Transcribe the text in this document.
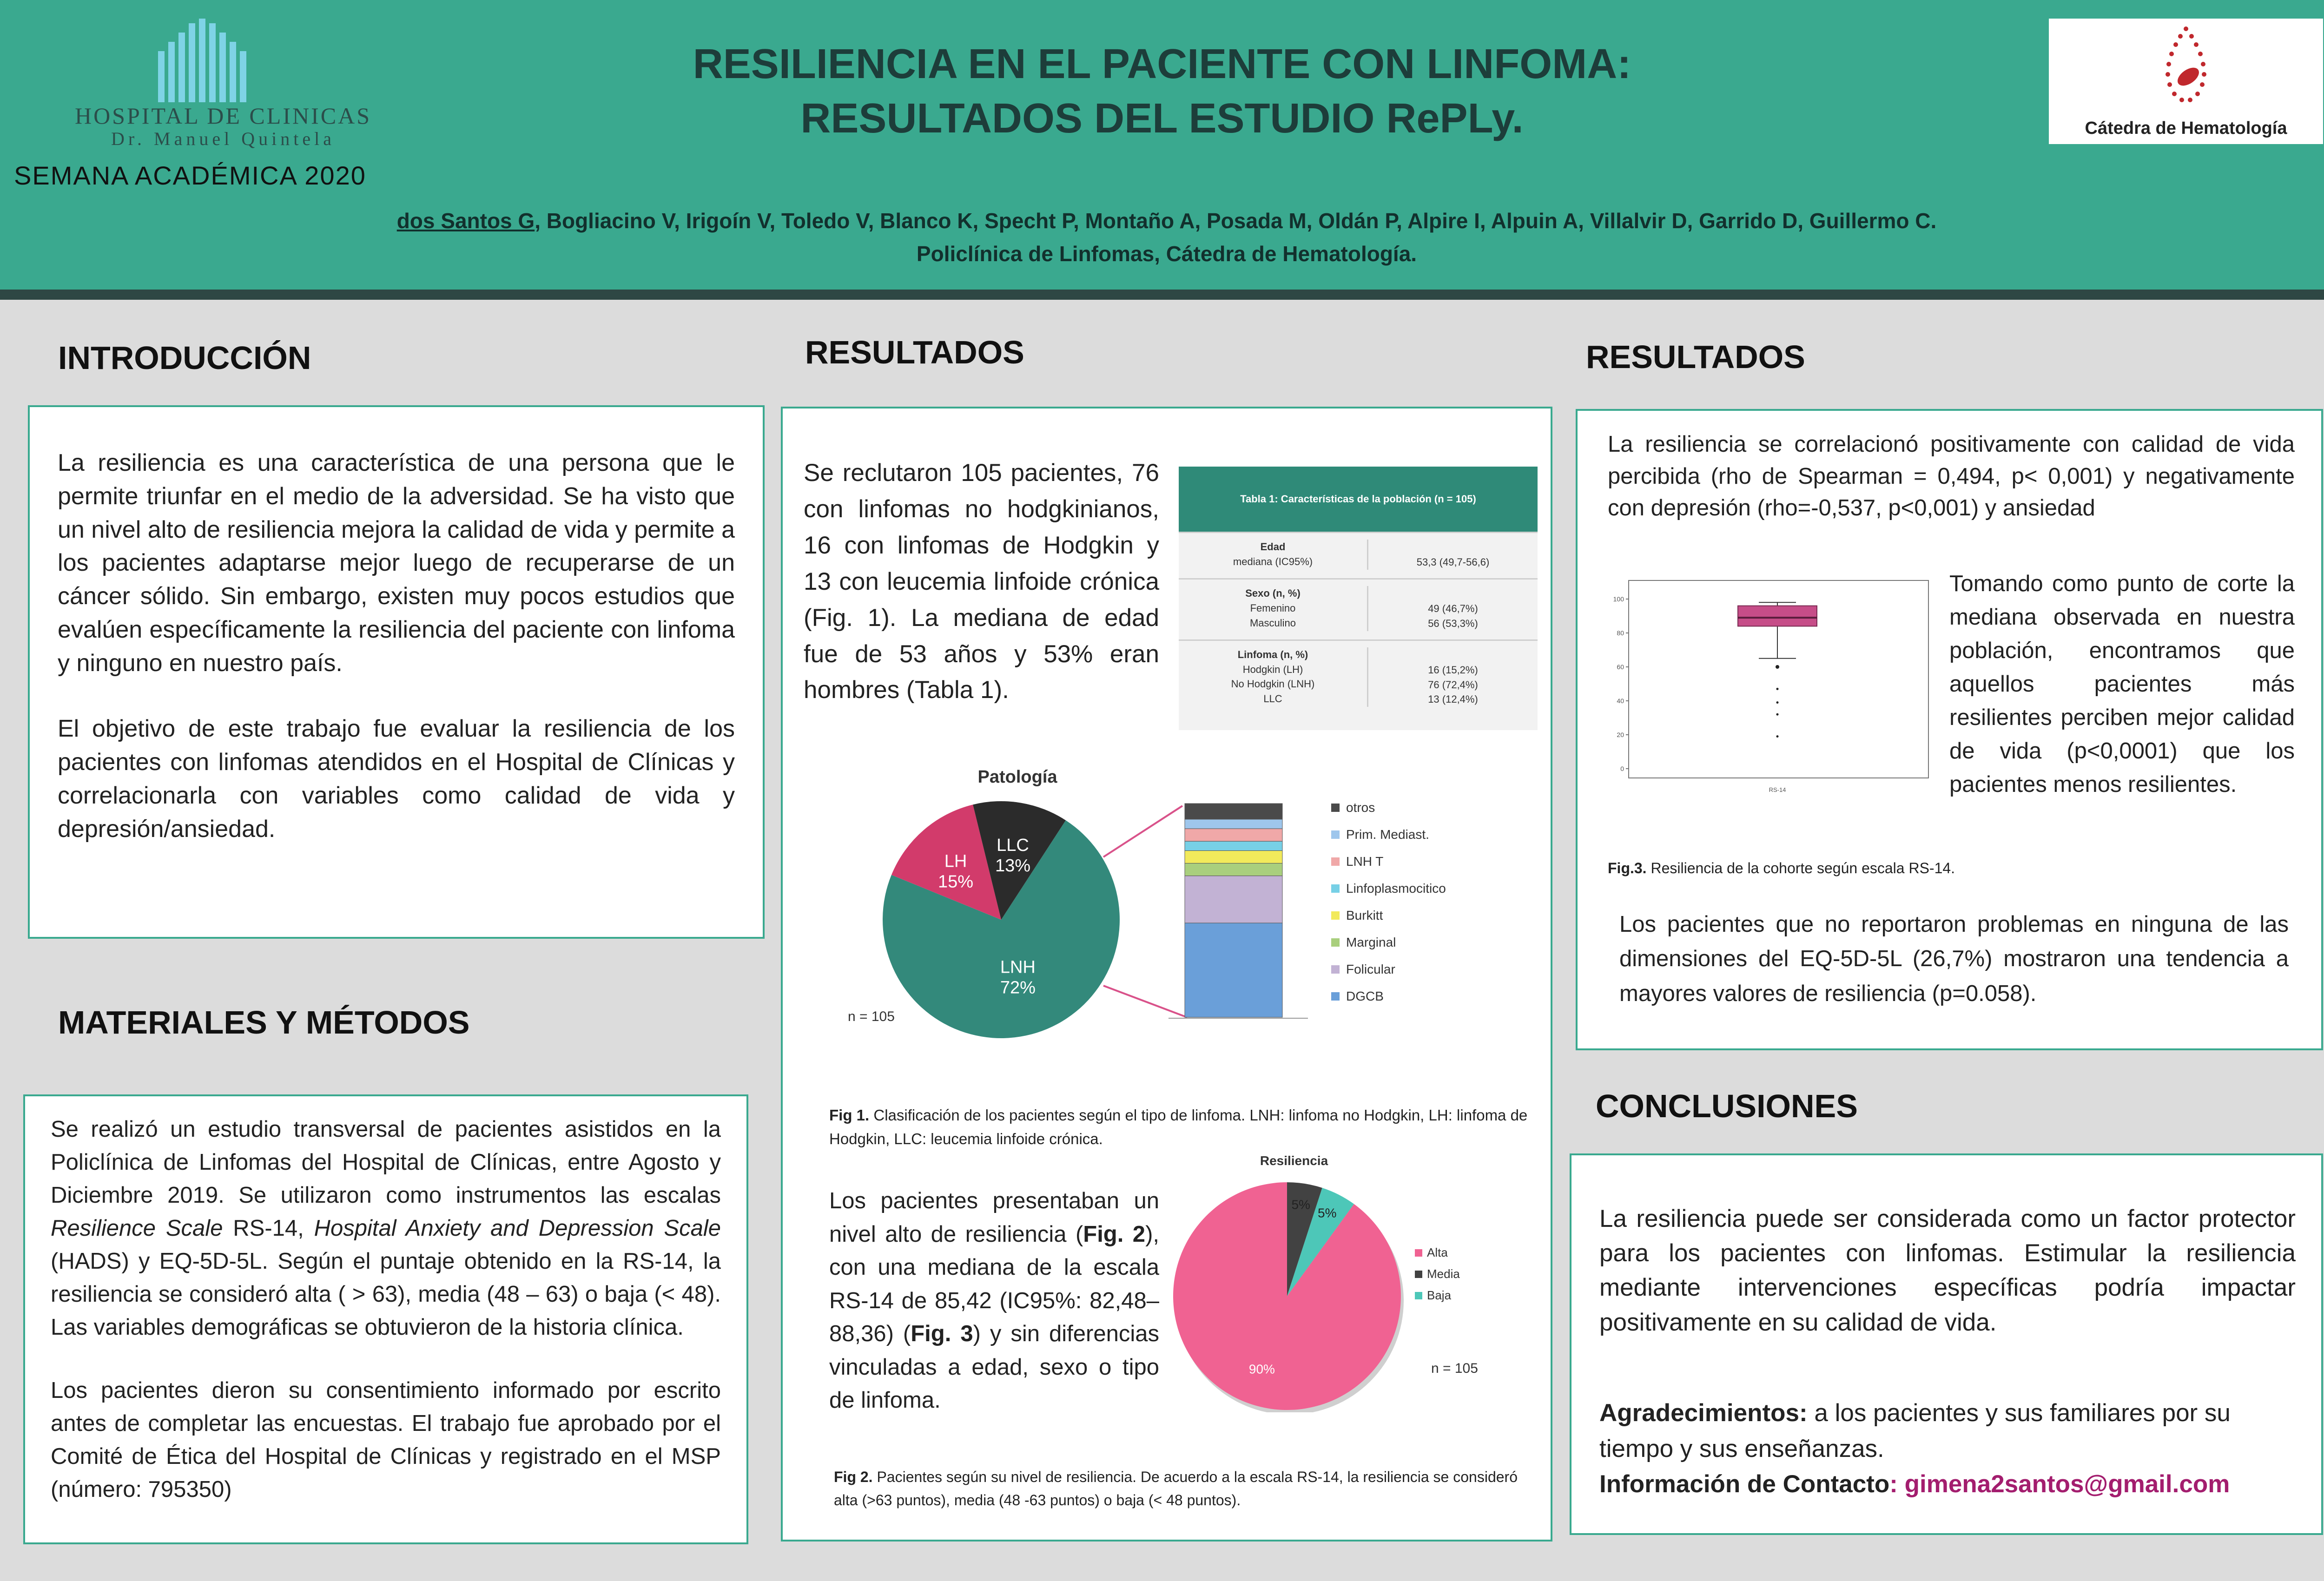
HOSPITAL DE CLINICAS
Dr. Manuel Quintela
SEMANA ACADÉMICA 2020
RESILIENCIA EN EL PACIENTE CON LINFOMA:
RESULTADOS DEL ESTUDIO RePLy.
dos Santos G, Bogliacino V, Irigoín V, Toledo V, Blanco K, Specht P, Montaño A, Posada M, Oldán P, Alpire I, Alpuin A, Villalvir D, Garrido D, Guillermo C.
Policlínica de Linfomas, Cátedra de Hematología.
Cátedra de Hematología
INTRODUCCIÓN
La resiliencia es una característica de una persona que le permite triunfar en el medio de la adversidad. Se ha visto que un nivel alto de resiliencia mejora la calidad de vida y permite a los pacientes adaptarse mejor luego de recuperarse de un cáncer sólido. Sin embargo, existen muy pocos estudios que evalúen específicamente la resiliencia del paciente con linfoma y ninguno en nuestro país.
El objetivo de este trabajo fue evaluar la resiliencia de los pacientes con linfomas atendidos en el Hospital de Clínicas y correlacionarla con variables como calidad de vida y depresión/ansiedad.
MATERIALES Y MÉTODOS
Se realizó un estudio transversal de pacientes asistidos en la Policlínica de Linfomas del Hospital de Clínicas, entre Agosto y Diciembre 2019. Se utilizaron como instrumentos las escalas Resilience Scale RS-14, Hospital Anxiety and Depression Scale (HADS) y EQ-5D-5L. Según el puntaje obtenido en la RS-14, la resiliencia se consideró alta ( > 63), media (48 – 63) o baja (< 48). Las variables demográficas se obtuvieron de la historia clínica.
Los pacientes dieron su consentimiento informado por escrito antes de completar las encuestas. El trabajo fue aprobado por el Comité de Ética del Hospital de Clínicas y registrado en el MSP (número: 795350)
RESULTADOS
Se reclutaron 105 pacientes, 76 con linfomas no hodgkinianos, 16 con linfomas de Hodgkin y 13 con leucemia linfoide crónica (Fig. 1). La mediana de edad fue de 53 años y 53% eran hombres (Tabla 1).
Tabla 1: Características de la población (n = 105)
Edad
mediana (IC95%)	53,3 (49,7-56,6)
Sexo (n, %)
Femenino
Masculino
49 (46,7%)
56 (53,3%)
Linfoma (n, %)
Hodgkin (LH)
No Hodgkin (LNH)
LLC
16 (15,2%)
76 (72,4%)
13 (12,4%)
Patología
LNH
72%
LH
15%
LLC
13%
otros
Prim. Mediast.
LNH T
Linfoplasmocitico
Burkitt
Marginal
Folicular
DGCB
n = 105
Fig 1. Clasificación de los pacientes según el tipo de linfoma. LNH: linfoma no Hodgkin, LH: linfoma de Hodgkin, LLC: leucemia linfoide crónica.
Los pacientes presentaban un nivel alto de resiliencia (Fig. 2), con una mediana de la escala RS-14 de 85,42 (IC95%: 82,48–88,36) (Fig. 3) y sin diferencias vinculadas a edad, sexo o tipo de linfoma.
Resiliencia
90%
5%
5%
Alta
Media
Baja
n = 105
Fig 2. Pacientes según su nivel de resiliencia. De acuerdo a la escala RS-14, la resiliencia se consideró alta (>63 puntos), media (48 -63 puntos) o baja (< 48 puntos).
RESULTADOS
La resiliencia se correlacionó positivamente con calidad de vida percibida (rho de Spearman = 0,494, p< 0,001) y negativamente con depresión (rho=-0,537, p<0,001) y ansiedad
0
20
40
60
80
100
RS-14
Tomando como punto de corte la mediana observada en nuestra población, encontramos que aquellos pacientes más resilientes perciben mejor calidad de vida (p<0,0001) que los pacientes menos resilientes.
Fig.3. Resiliencia de la cohorte según escala RS-14.
Los pacientes que no reportaron problemas en ninguna de las dimensiones del EQ-5D-5L (26,7%) mostraron una tendencia a mayores valores de resiliencia (p=0.058).
CONCLUSIONES
La resiliencia puede ser considerada como un factor protector para los pacientes con linfomas. Estimular la resiliencia mediante intervenciones específicas podría impactar positivamente en su calidad de vida.
Agradecimientos: a los pacientes y sus familiares por su tiempo y sus enseñanzas.
Información de Contacto: gimena2santos@gmail.com
